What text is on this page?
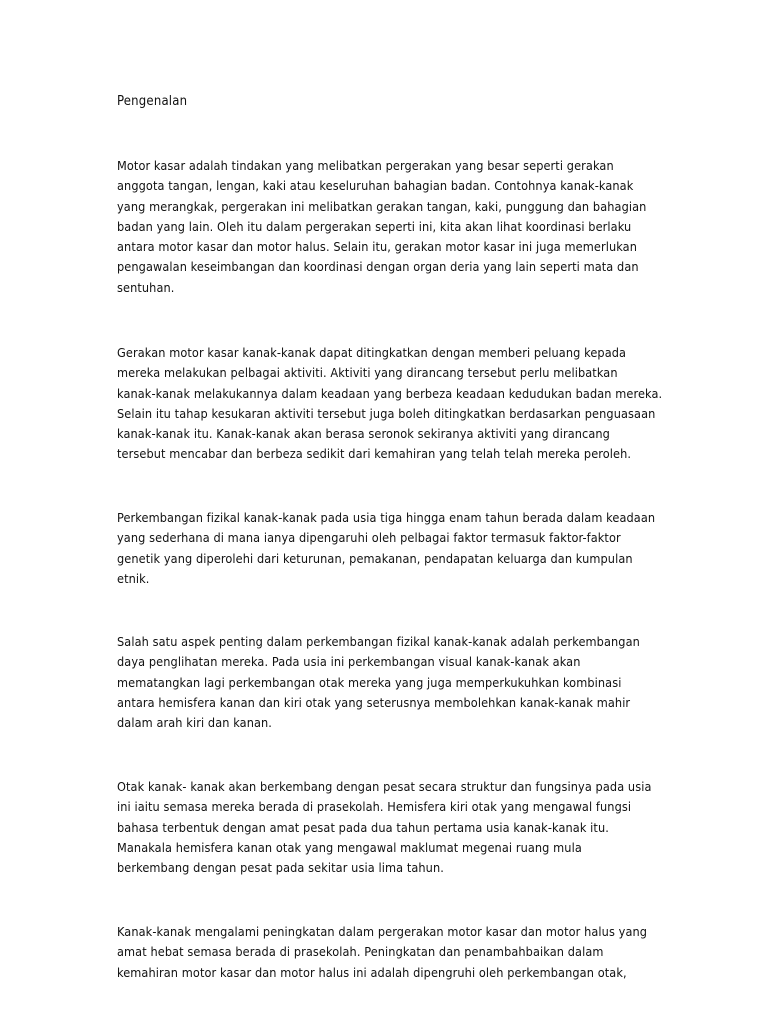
Pengenalan
Motor kasar adalah tindakan yang melibatkan pergerakan yang besar seperti gerakan
anggota tangan, lengan, kaki atau keseluruhan bahagian badan. Contohnya kanak-kanak
yang merangkak, pergerakan ini melibatkan gerakan tangan, kaki, punggung dan bahagian
badan yang lain. Oleh itu dalam pergerakan seperti ini, kita akan lihat koordinasi berlaku
antara motor kasar dan motor halus. Selain itu, gerakan motor kasar ini juga memerlukan
pengawalan keseimbangan dan koordinasi dengan organ deria yang lain seperti mata dan
sentuhan.
Gerakan motor kasar kanak-kanak dapat ditingkatkan dengan memberi peluang kepada
mereka melakukan pelbagai aktiviti. Aktiviti yang dirancang tersebut perlu melibatkan
kanak-kanak melakukannya dalam keadaan yang berbeza keadaan kedudukan badan mereka.
Selain itu tahap kesukaran aktiviti tersebut juga boleh ditingkatkan berdasarkan penguasaan
kanak-kanak itu. Kanak-kanak akan berasa seronok sekiranya aktiviti yang dirancang
tersebut mencabar dan berbeza sedikit dari kemahiran yang telah telah mereka peroleh.
Perkembangan fizikal kanak-kanak pada usia tiga hingga enam tahun berada dalam keadaan
yang sederhana di mana ianya dipengaruhi oleh pelbagai faktor termasuk faktor-faktor
genetik yang diperolehi dari keturunan, pemakanan, pendapatan keluarga dan kumpulan
etnik.
Salah satu aspek penting dalam perkembangan fizikal kanak-kanak adalah perkembangan
daya penglihatan mereka. Pada usia ini perkembangan visual kanak-kanak akan
mematangkan lagi perkembangan otak mereka yang juga memperkukuhkan kombinasi
antara hemisfera kanan dan kiri otak yang seterusnya membolehkan kanak-kanak mahir
dalam arah kiri dan kanan.
Otak kanak- kanak akan berkembang dengan pesat secara struktur dan fungsinya pada usia
ini iaitu semasa mereka berada di prasekolah. Hemisfera kiri otak yang mengawal fungsi
bahasa terbentuk dengan amat pesat pada dua tahun pertama usia kanak-kanak itu.
Manakala hemisfera kanan otak yang mengawal maklumat megenai ruang mula
berkembang dengan pesat pada sekitar usia lima tahun.
Kanak-kanak mengalami peningkatan dalam pergerakan motor kasar dan motor halus yang
amat hebat semasa berada di prasekolah. Peningkatan dan penambahbaikan dalam
kemahiran motor kasar dan motor halus ini adalah dipengruhi oleh perkembangan otak,
